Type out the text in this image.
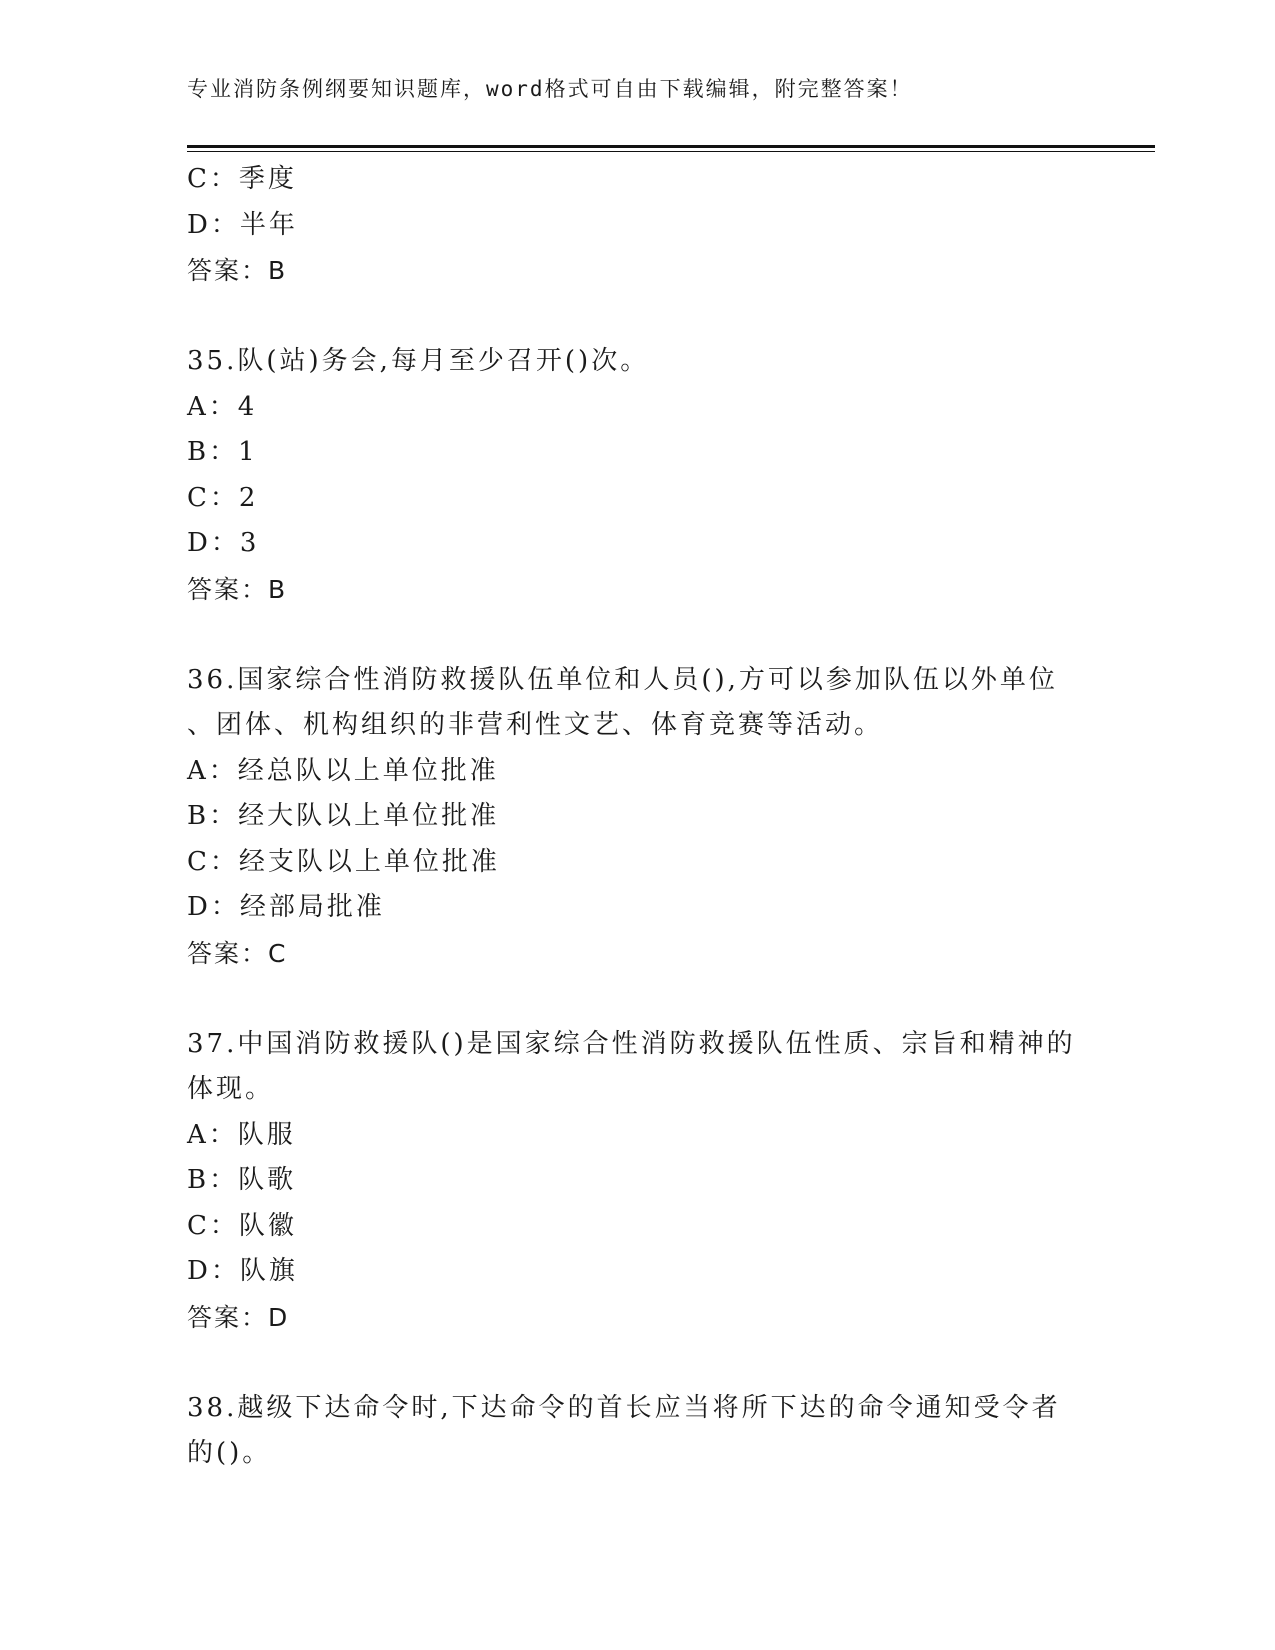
专业消防条例纲要知识题库，word格式可自由下载编辑，附完整答案！
C：季度
D：半年
答案：B
35.队(站)务会,每月至少召开()次。
A：4
B：1
C：2
D：3
答案：B
36.国家综合性消防救援队伍单位和人员(),方可以参加队伍以外单位
、团体、机构组织的非营利性文艺、体育竞赛等活动。
A：经总队以上单位批准
B：经大队以上单位批准
C：经支队以上单位批准
D：经部局批准
答案：C
37.中国消防救援队()是国家综合性消防救援队伍性质、宗旨和精神的
体现。
A：队服
B：队歌
C：队徽
D：队旗
答案：D
38.越级下达命令时,下达命令的首长应当将所下达的命令通知受令者
的()。
